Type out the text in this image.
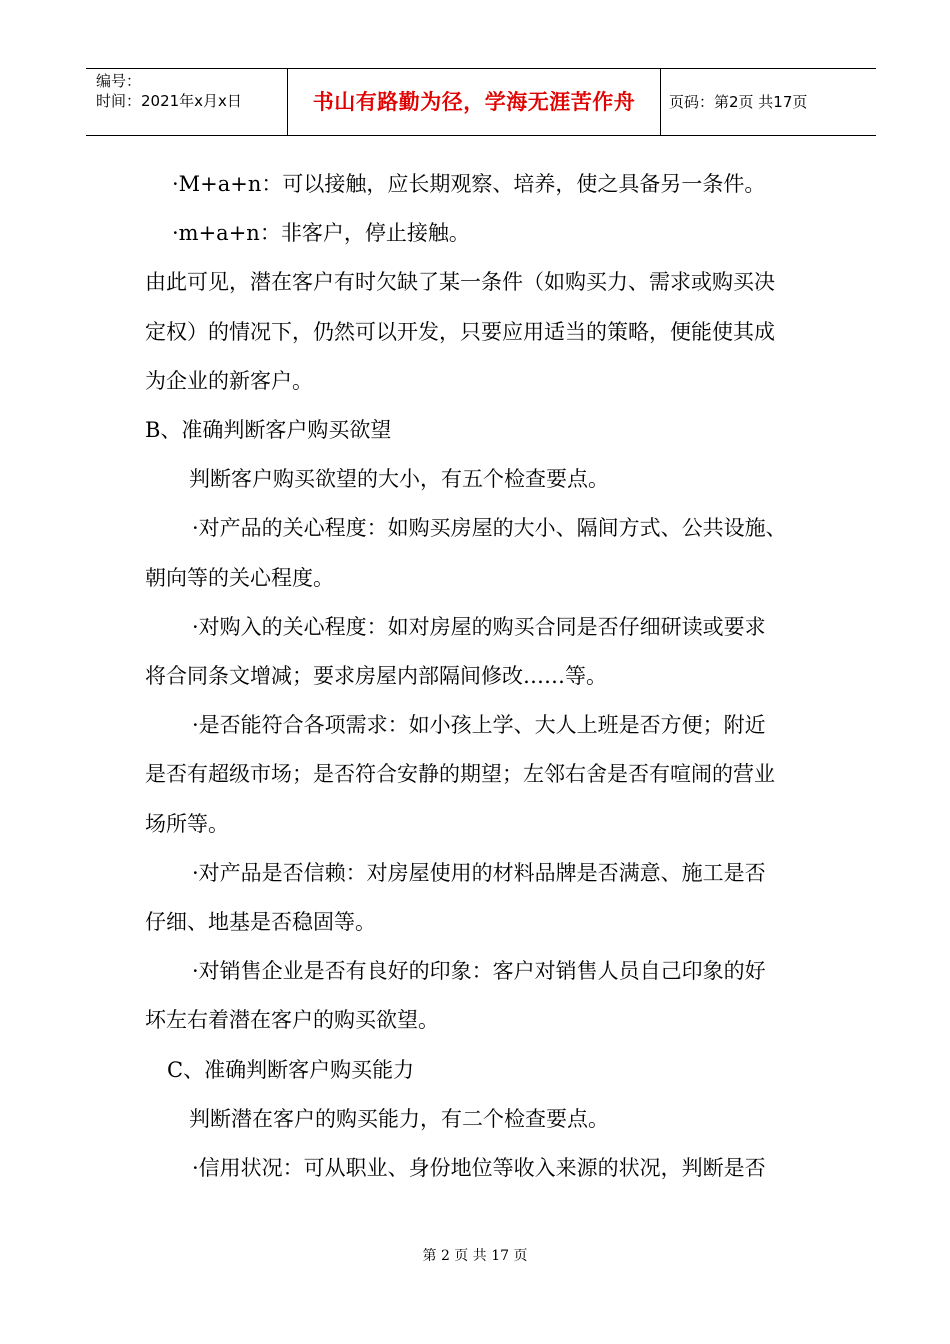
编号：
时间：2021年x月x日	书山有路勤为径，学海无涯苦作舟	页码：第2页 共17页

·M+a+n：可以接触，应长期观察、培养，使之具备另一条件。

·m+a+n：非客户，停止接触。

由此可见，潜在客户有时欠缺了某一条件（如购买力、需求或购买决

定权）的情况下，仍然可以开发，只要应用适当的策略，便能使其成

为企业的新客户。

B、准确判断客户购买欲望

判断客户购买欲望的大小，有五个检查要点。

·对产品的关心程度：如购买房屋的大小、隔间方式、公共设施、

朝向等的关心程度。

·对购入的关心程度：如对房屋的购买合同是否仔细研读或要求

将合同条文增减；要求房屋内部隔间修改……等。

·是否能符合各项需求：如小孩上学、大人上班是否方便；附近

是否有超级市场；是否符合安静的期望；左邻右舍是否有喧闹的营业

场所等。

·对产品是否信赖：对房屋使用的材料品牌是否满意、施工是否

仔细、地基是否稳固等。

·对销售企业是否有良好的印象：客户对销售人员自己印象的好

坏左右着潜在客户的购买欲望。

C、准确判断客户购买能力

判断潜在客户的购买能力，有二个检查要点。

·信用状况：可从职业、身份地位等收入来源的状况，判断是否

第 2 页 共 17 页
